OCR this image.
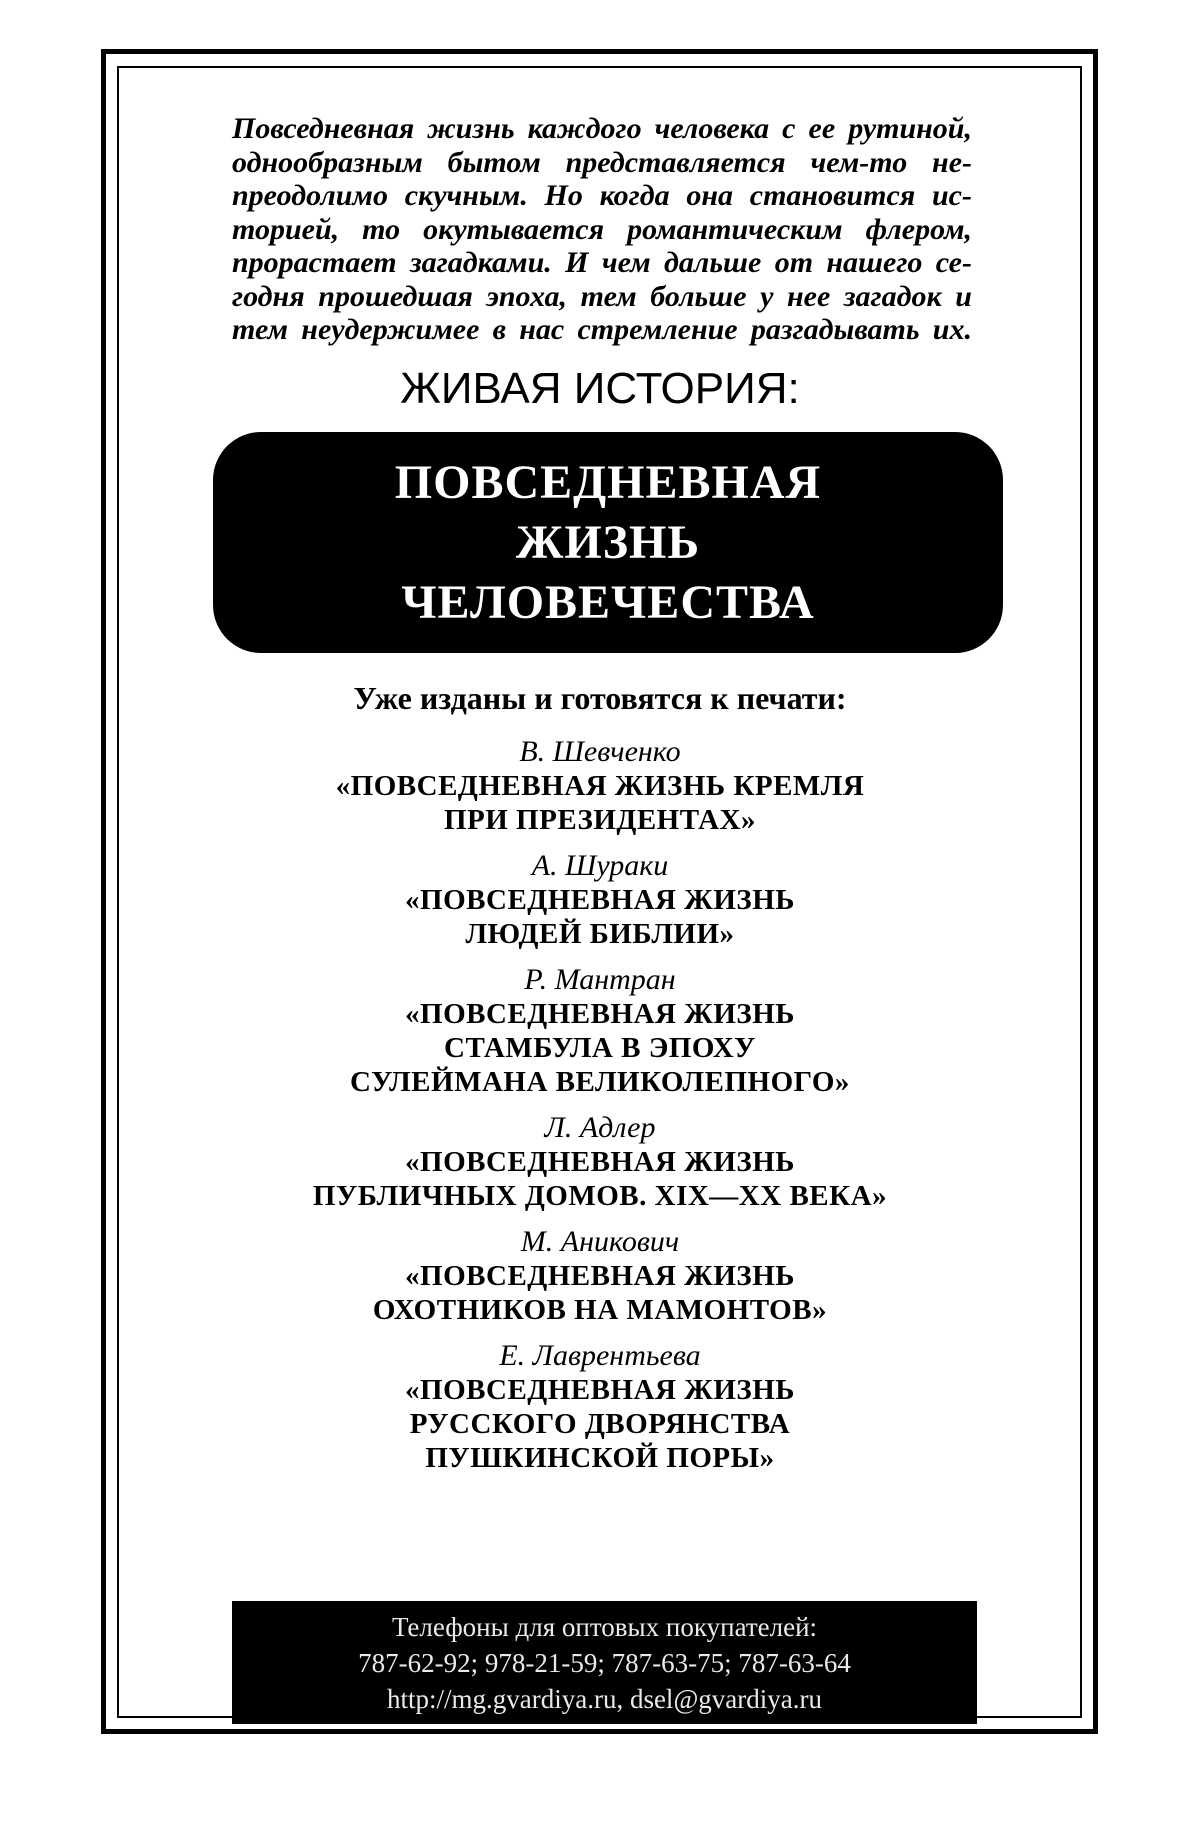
Повседневная жизнь каждого человека с ее рутиной,
однообразным бытом представляется чем-то не-
преодолимо скучным. Но когда она становится ис-
торией, то окутывается романтическим флером,
прорастает загадками. И чем дальше от нашего се-
годня прошедшая эпоха, тем больше у нее загадок и
тем неудержимее в нас стремление разгадывать их.
ЖИВАЯ ИСТОРИЯ:
ПОВСЕДНЕВНАЯ
ЖИЗНЬ
ЧЕЛОВЕЧЕСТВА
Уже изданы и готовятся к печати:
В. Шевченко
«ПОВСЕДНЕВНАЯ ЖИЗНЬ КРЕМЛЯ
ПРИ ПРЕЗИДЕНТАХ»
А. Шураки
«ПОВСЕДНЕВНАЯ ЖИЗНЬ
ЛЮДЕЙ БИБЛИИ»
Р. Мантран
«ПОВСЕДНЕВНАЯ ЖИЗНЬ
СТАМБУЛА В ЭПОХУ
СУЛЕЙМАНА ВЕЛИКОЛЕПНОГО»
Л. Адлер
«ПОВСЕДНЕВНАЯ ЖИЗНЬ
ПУБЛИЧНЫХ ДОМОВ. XIX—XX ВЕКА»
М. Аникович
«ПОВСЕДНЕВНАЯ ЖИЗНЬ
ОХОТНИКОВ НА МАМОНТОВ»
Е. Лаврентьева
«ПОВСЕДНЕВНАЯ ЖИЗНЬ
РУССКОГО ДВОРЯНСТВА
ПУШКИНСКОЙ ПОРЫ»
Телефоны для оптовых покупателей:
787-62-92; 978-21-59; 787-63-75; 787-63-64
http://mg.gvardiya.ru, dsel@gvardiya.ru
